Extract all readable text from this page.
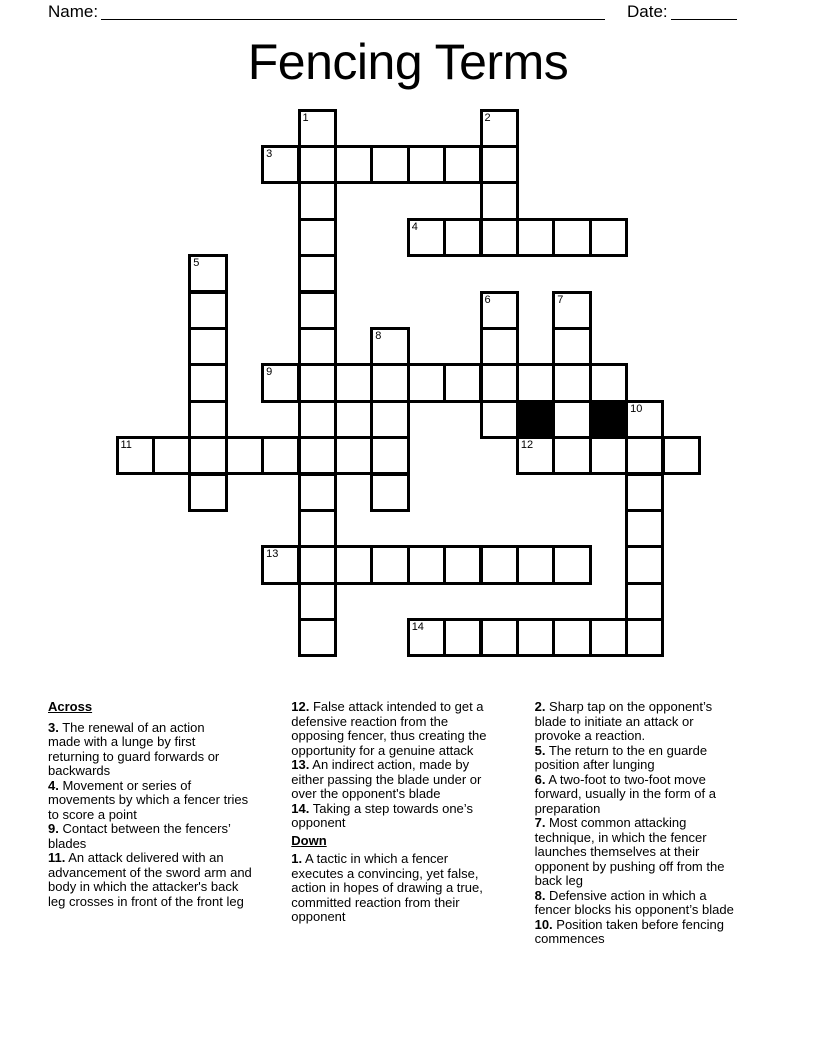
Name:	Date:
Fencing Terms
1	2
3
4
5
6	7
8
9
10
11	12
13
14

Across

3. The renewal of an action
made with a lunge by first
returning to guard forwards or
backwards

4. Movement or series of
movements by which a fencer tries
to score a point

9. Contact between the fencers’
blades

11. An attack delivered with an
advancement of the sword arm and
body in which the attacker's back
leg crosses in front of the front leg

12. False attack intended to get a
defensive reaction from the
opposing fencer, thus creating the
opportunity for a genuine attack

13. An indirect action, made by
either passing the blade under or
over the opponent's blade

14. Taking a step towards one’s
opponent

Down

1. A tactic in which a fencer
executes a convincing, yet false,
action in hopes of drawing a true,
committed reaction from their
opponent

2. Sharp tap on the opponent’s
blade to initiate an attack or
provoke a reaction.

5. The return to the en guarde
position after lunging

6. A two-foot to two-foot move
forward, usually in the form of a
preparation

7. Most common attacking
technique, in which the fencer
launches themselves at their
opponent by pushing off from the
back leg

8. Defensive action in which a
fencer blocks his opponent’s blade

10. Position taken before fencing
commences
